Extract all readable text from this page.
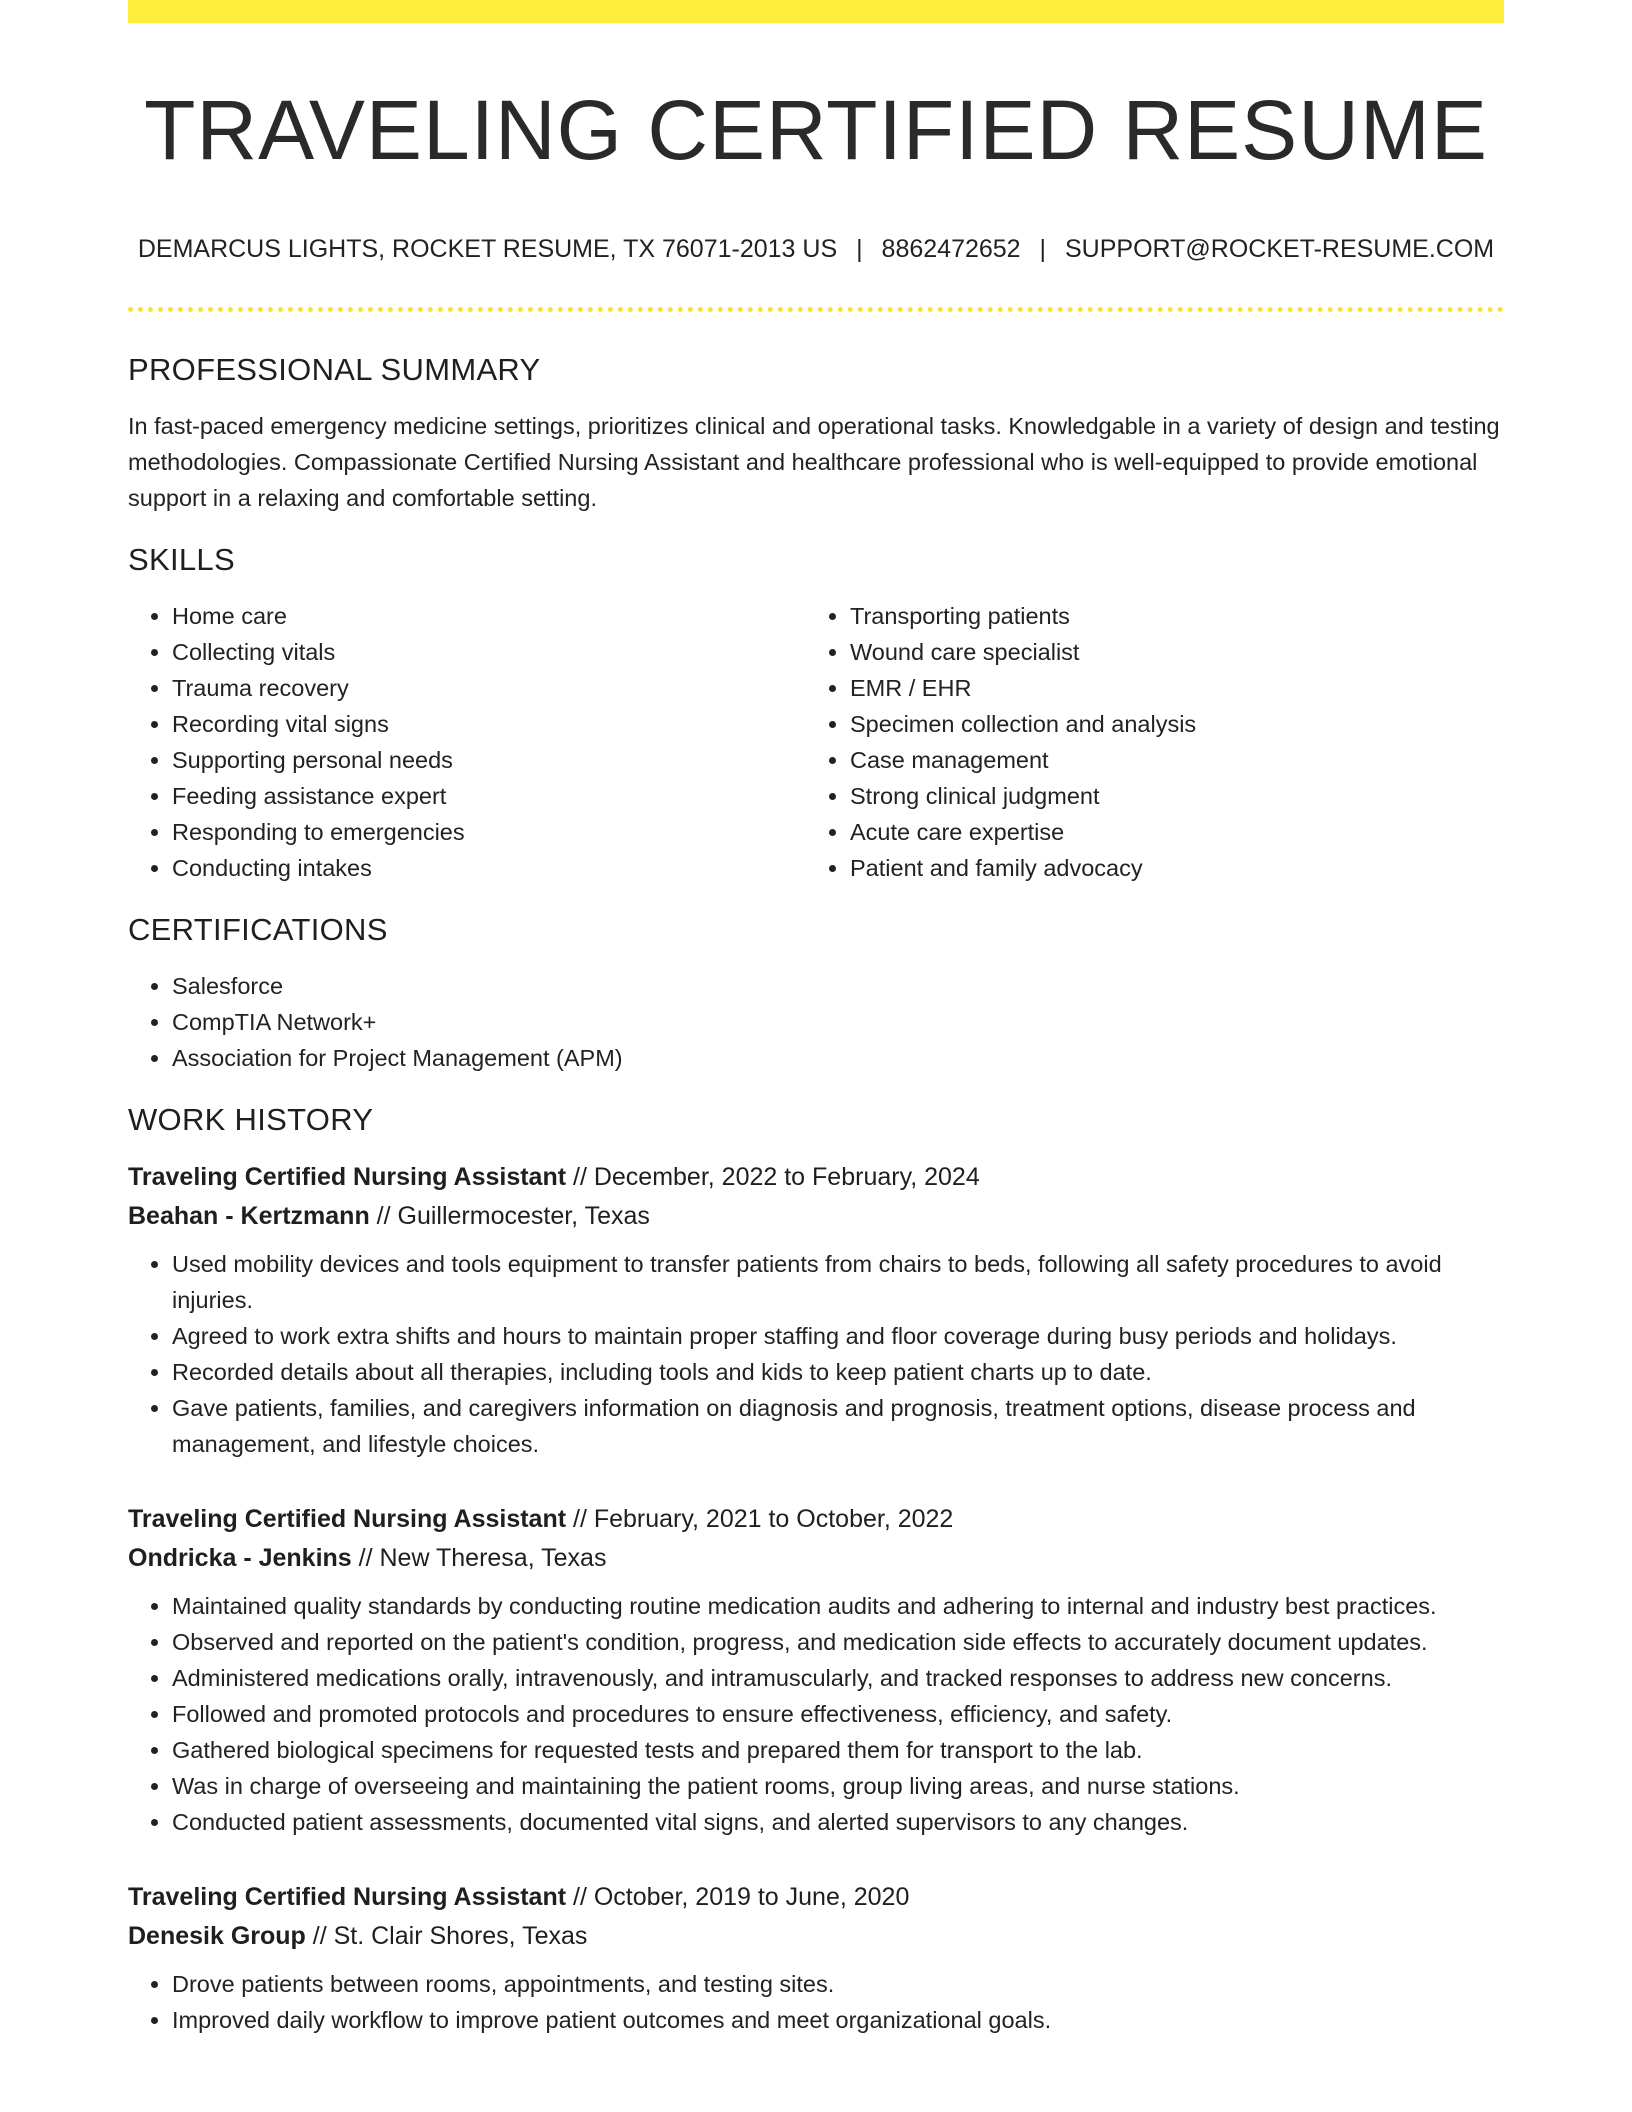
TRAVELING CERTIFIED RESUME
DEMARCUS LIGHTS, ROCKET RESUME, TX 76071-2013 US | 8862472652 | SUPPORT@ROCKET-RESUME.COM
PROFESSIONAL SUMMARY

In fast-paced emergency medicine settings, prioritizes clinical and operational tasks. Knowledgable in a variety of design and testing methodologies. Compassionate Certified Nursing Assistant and healthcare professional who is well-equipped to provide emotional support in a relaxing and comfortable setting.

SKILLS
• Home care
• Collecting vitals
• Trauma recovery
• Recording vital signs
• Supporting personal needs
• Feeding assistance expert
• Responding to emergencies
• Conducting intakes
• Transporting patients
• Wound care specialist
• EMR / EHR
• Specimen collection and analysis
• Case management
• Strong clinical judgment
• Acute care expertise
• Patient and family advocacy
CERTIFICATIONS
• Salesforce
• CompTIA Network+
• Association for Project Management (APM)
WORK HISTORY
Traveling Certified Nursing Assistant // December, 2022 to February, 2024
Beahan - Kertzmann // Guillermocester, Texas
• Used mobility devices and tools equipment to transfer patients from chairs to beds, following all safety procedures to avoid injuries.
• Agreed to work extra shifts and hours to maintain proper staffing and floor coverage during busy periods and holidays.
• Recorded details about all therapies, including tools and kids to keep patient charts up to date.
• Gave patients, families, and caregivers information on diagnosis and prognosis, treatment options, disease process and management, and lifestyle choices.
Traveling Certified Nursing Assistant // February, 2021 to October, 2022
Ondricka - Jenkins // New Theresa, Texas
• Maintained quality standards by conducting routine medication audits and adhering to internal and industry best practices.
• Observed and reported on the patient's condition, progress, and medication side effects to accurately document updates.
• Administered medications orally, intravenously, and intramuscularly, and tracked responses to address new concerns.
• Followed and promoted protocols and procedures to ensure effectiveness, efficiency, and safety.
• Gathered biological specimens for requested tests and prepared them for transport to the lab.
• Was in charge of overseeing and maintaining the patient rooms, group living areas, and nurse stations.
• Conducted patient assessments, documented vital signs, and alerted supervisors to any changes.
Traveling Certified Nursing Assistant // October, 2019 to June, 2020
Denesik Group // St. Clair Shores, Texas
• Drove patients between rooms, appointments, and testing sites.
• Improved daily workflow to improve patient outcomes and meet organizational goals.
